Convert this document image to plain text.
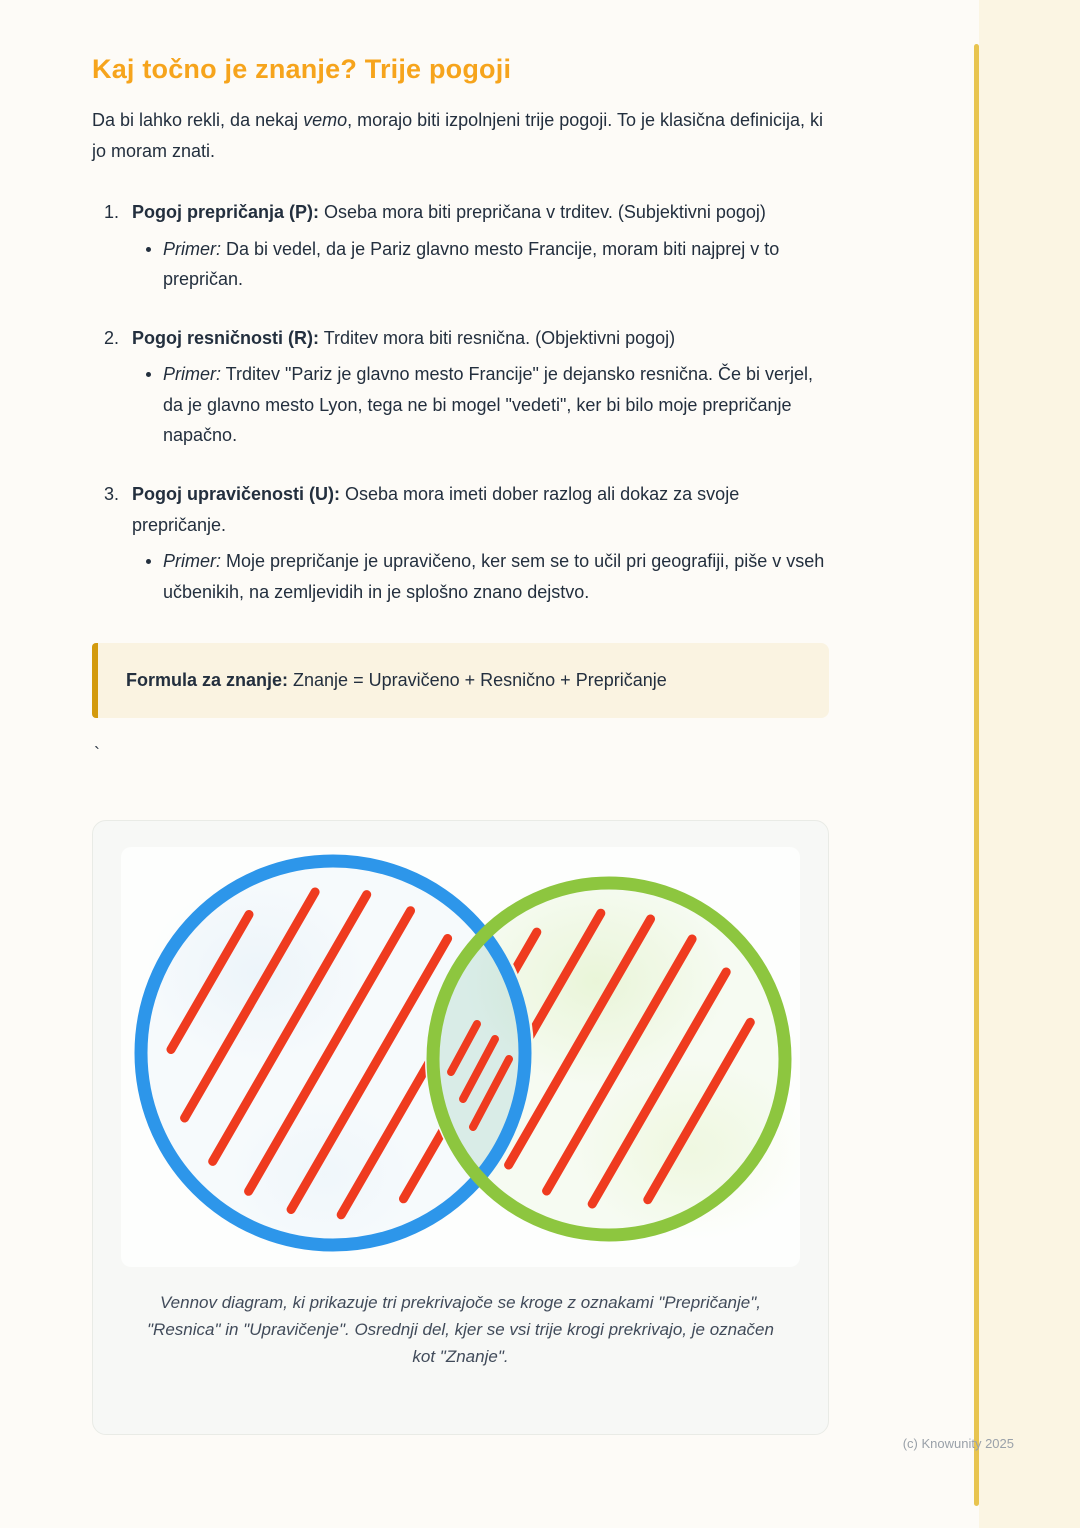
Kaj točno je znanje? Trije pogoji

Da bi lahko rekli, da nekaj vemo, morajo biti izpolnjeni trije pogoji. To je klasična definicija, ki jo moram znati.

1. Pogoj prepričanja (P): Oseba mora biti prepričana v trditev. (Subjektivni pogoj)

• Primer: Da bi vedel, da je Pariz glavno mesto Francije, moram biti najprej v to prepričan.
2. Pogoj resničnosti (R): Trditev mora biti resnična. (Objektivni pogoj)

• Primer: Trditev "Pariz je glavno mesto Francije" je dejansko resnična. Če bi verjel, da je glavno mesto Lyon, tega ne bi mogel "vedeti", ker bi bilo moje prepričanje napačno.
3. Pogoj upravičenosti (U): Oseba mora imeti dober razlog ali dokaz za svoje prepričanje.

• Primer: Moje prepričanje je upravičeno, ker sem se to učil pri geografiji, piše v vseh učbenikih, na zemljevidih in je splošno znano dejstvo.

Formula za znanje: Znanje = Upravičeno + Resnično + Prepričanje

`

Vennov diagram, ki prikazuje tri prekrivajoče se kroge z oznakami "Prepričanje", "Resnica" in "Upravičenje". Osrednji del, kjer se vsi trije krogi prekrivajo, je označen kot "Znanje".
(c) Knowunity 2025
